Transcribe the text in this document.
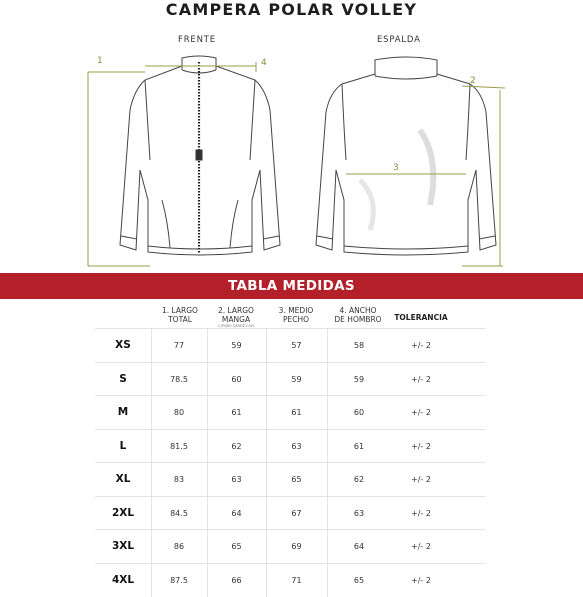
CAMPERA POLAR VOLLEY
FRENTE	ESPALDA
1	4
2
3
TABLA MEDIDAS
1. LARGO
TOTAL
2. LARGO
MANGA
C/PUÑO DESDE CON
3. MEDIO
PECHO
4. ANCHO
DE HOMBRO	TOLERANCIA
XS	77	59	57	58	+/- 2
S	78.5	60	59	59	+/- 2
M	80	61	61	60	+/- 2
L	81.5	62	63	61	+/- 2
XL	83	63	65	62	+/- 2
2XL	84.5	64	67	63	+/- 2
3XL	86	65	69	64	+/- 2
4XL	87.5	66	71	65	+/- 2
